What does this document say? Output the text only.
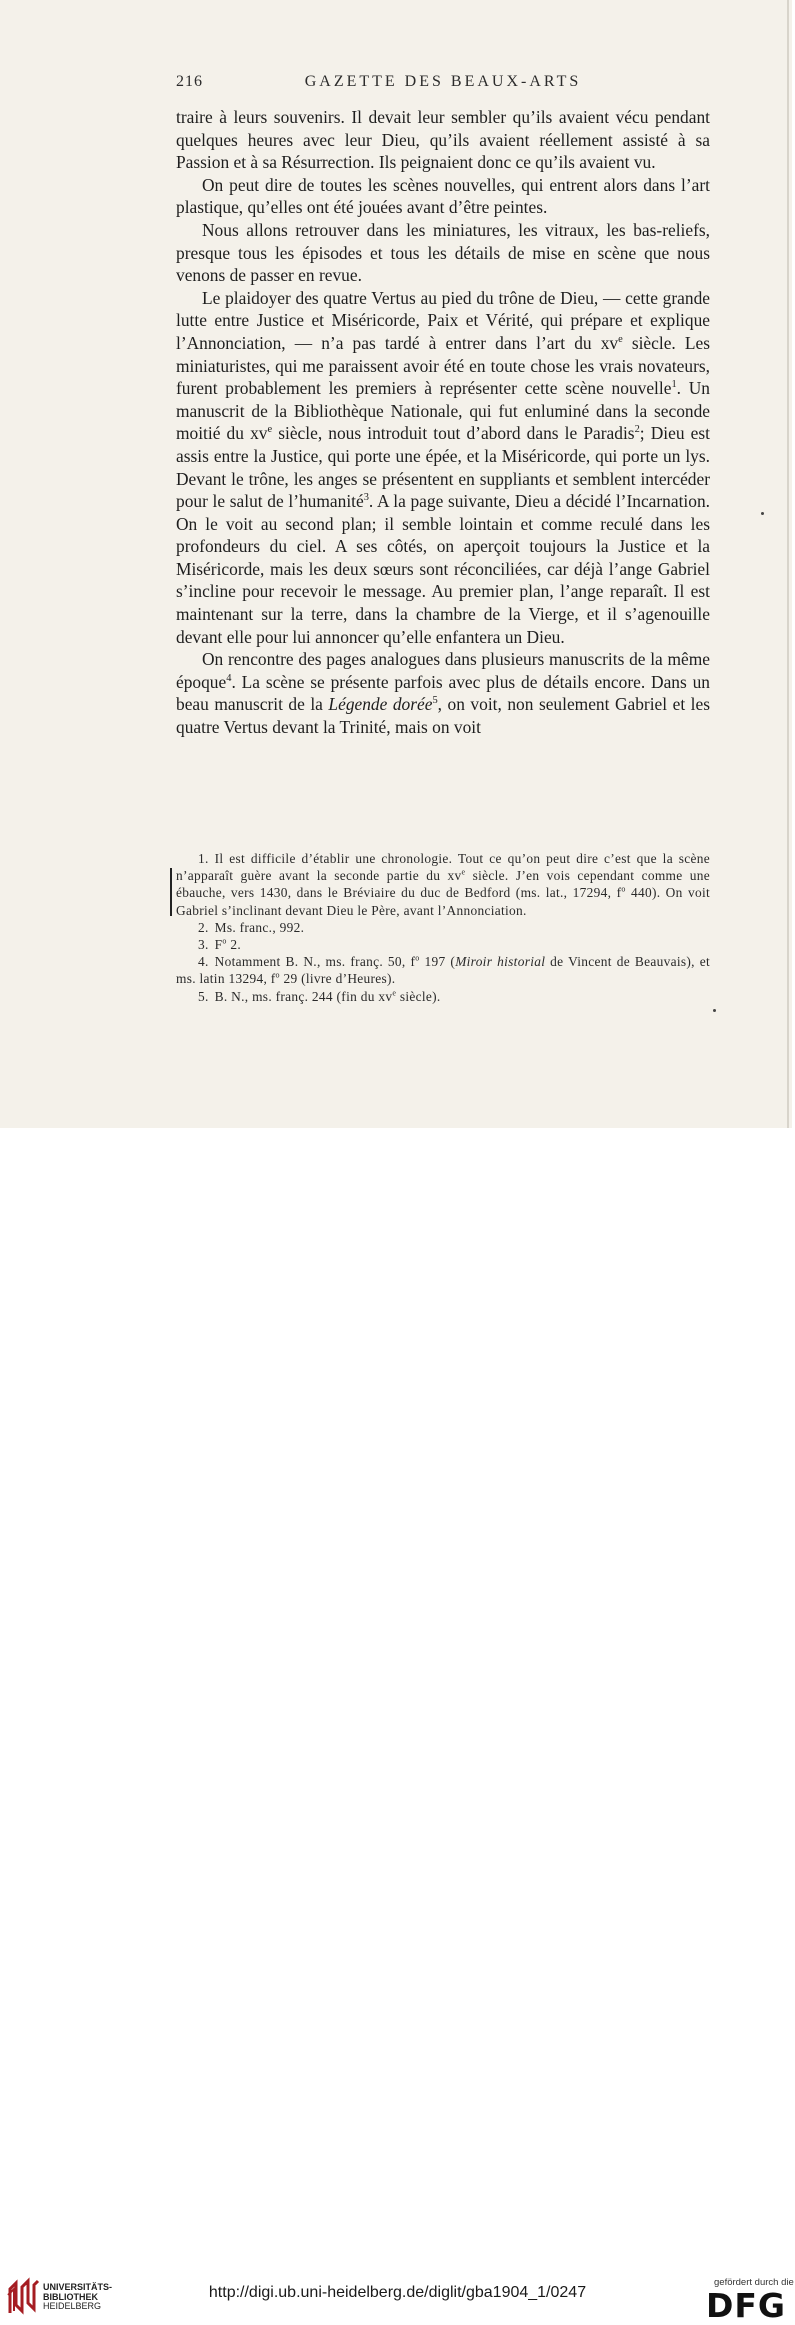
216	GAZETTE DES BEAUX-ARTS

traire à leurs souvenirs. Il devait leur sembler qu’ils avaient vécu pendant quelques heures avec leur Dieu, qu’ils avaient réellement assisté à sa Passion et à sa Résurrection. Ils peignaient donc ce qu’ils avaient vu.

On peut dire de toutes les scènes nouvelles, qui entrent alors dans l’art plastique, qu’elles ont été jouées avant d’être peintes.

Nous allons retrouver dans les miniatures, les vitraux, les bas-reliefs, presque tous les épisodes et tous les détails de mise en scène que nous venons de passer en revue.

Le plaidoyer des quatre Vertus au pied du trône de Dieu, — cette grande lutte entre Justice et Miséricorde, Paix et Vérité, qui prépare et explique l’Annonciation, — n’a pas tardé à entrer dans l’art du $xv^e$ siècle. Les miniaturistes, qui me paraissent avoir été en toute chose les vrais novateurs, furent probablement les premiers à représenter cette scène nouvelle$^1$. Un manuscrit de la Bibliothèque Nationale, qui fut enluminé dans la seconde moitié du $xv^e$ siècle, nous introduit tout d’abord dans le Paradis$^2$; Dieu est assis entre la Justice, qui porte une épée, et la Miséricorde, qui porte un lys. Devant le trône, les anges se présentent en suppliants et semblent intercéder pour le salut de l’humanité$^3$. A la page suivante, Dieu a décidé l’Incarnation. On le voit au second plan; il semble lointain et comme reculé dans les profondeurs du ciel. A ses côtés, on aperçoit toujours la Justice et la Miséricorde, mais les deux sœurs sont réconciliées, car déjà l’ange Gabriel s’incline pour recevoir le message. Au premier plan, l’ange reparaît. Il est maintenant sur la terre, dans la chambre de la Vierge, et il s’agenouille devant elle pour lui annoncer qu’elle enfantera un Dieu.

On rencontre des pages analogues dans plusieurs manuscrits de la même époque$^4$. La scène se présente parfois avec plus de détails encore. Dans un beau manuscrit de la Légende dorée$^5$, on voit, non seulement Gabriel et les quatre Vertus devant la Trinité, mais on voit

1. Il est difficile d’établir une chronologie. Tout ce qu’on peut dire c’est que la scène n’apparaît guère avant la seconde partie du $xv^e$ siècle. J’en vois cependant comme une ébauche, vers 1430, dans le Bréviaire du duc de Bedford (ms. lat., 17294, $f^o$ 440). On voit Gabriel s’inclinant devant Dieu le Père, avant l’Annonciation.

2. Ms. franc., 992.

3. $F^o$ 2.

4. Notamment B. N., ms. franç. 50, $f^o$ 197 (Miroir historial de Vincent de Beauvais), et ms. latin 13294, $f^o$ 29 (livre d’Heures).

5. B. N., ms. franç. 244 (fin du $xv^e$ siècle).

UNIVERSITÄTS-
BIBLIOTHEK
HEIDELBERG
http://digi.ub.uni-heidelberg.de/diglit/gba1904_1/0247
gefördert durch die
DFG
